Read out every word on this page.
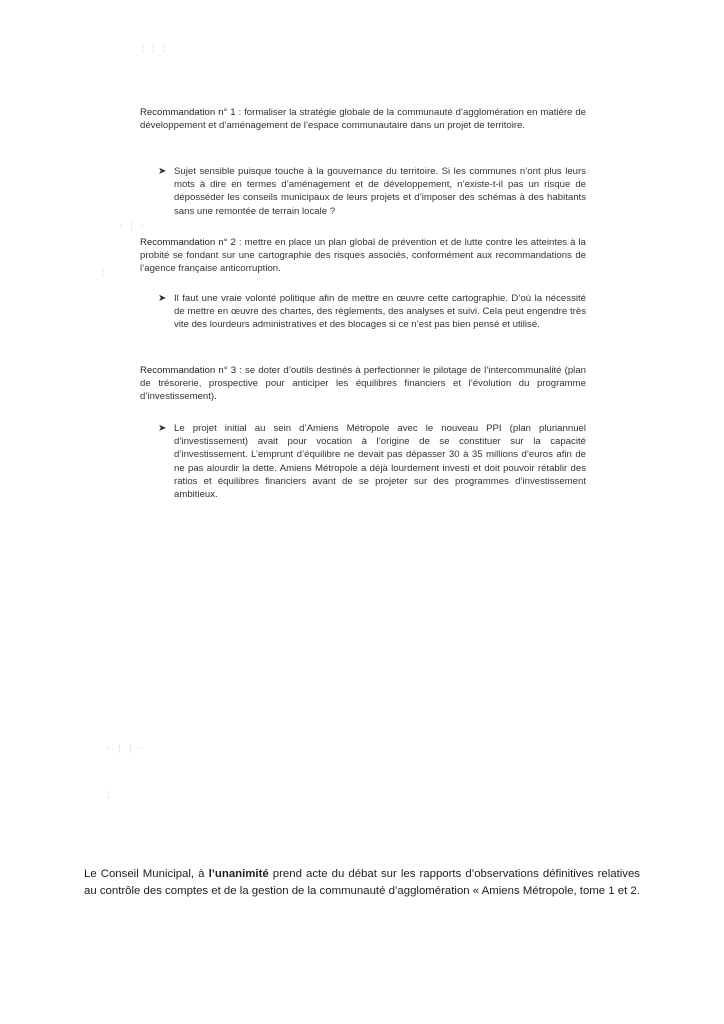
¦ ¦ ¦
· ¦ ·
¦

Recommandation n° 1 : formaliser la stratégie globale de la communauté d’agglomération en matière de développement et d’aménagement de l’espace communautaire dans un projet de territoire.

➤ Sujet sensible puisque touche à la gouvernance du territoire. Si les communes n’ont plus leurs mots à dire en termes d’aménagement et de développement, n’existe-t-il pas un risque de déposséder les conseils municipaux de leurs projets et d’imposer des schémas à des habitants sans une remontée de terrain locale ?

Recommandation n° 2 : mettre en place un plan global de prévention et de lutte contre les atteintes à la probité se fondant sur une cartographie des risques associés, conformément aux recommandations de l’agence française anticorruption.

➤ Il faut une vraie volonté politique afin de mettre en œuvre cette cartographie. D’où la nécessité de mettre en œuvre des chartes, des règlements, des analyses et suivi. Cela peut engendre très vite des lourdeurs administratives et des blocages si ce n’est pas bien pensé et utilisé.

Recommandation n° 3 : se doter d’outils destinés à perfectionner le pilotage de l’intercommunalité (plan de trésorerie, prospective pour anticiper les équilibres financiers et l’évolution du programme d’investissement).

➤ Le projet initial au sein d’Amiens Métropole avec le nouveau PPI (plan pluriannuel d’investissement) avait pour vocation à l’origine de se constituer sur la capacité d’investissement. L’emprunt d’équilibre ne devait pas dépasser 30 à 35 millions d’euros afin de ne pas alourdir la dette. Amiens Métropole a déjà lourdement investi et doit pouvoir rétablir des ratios et équilibres financiers avant de se projeter sur des programmes d’investissement ambitieux.
· ¦ ¦ ·
¦

Le Conseil Municipal, à l’unanimité prend acte du débat sur les rapports d’observations définitives relatives au contrôle des comptes et de la gestion de la communauté d’agglomération « Amiens Métropole, tome 1 et 2.
